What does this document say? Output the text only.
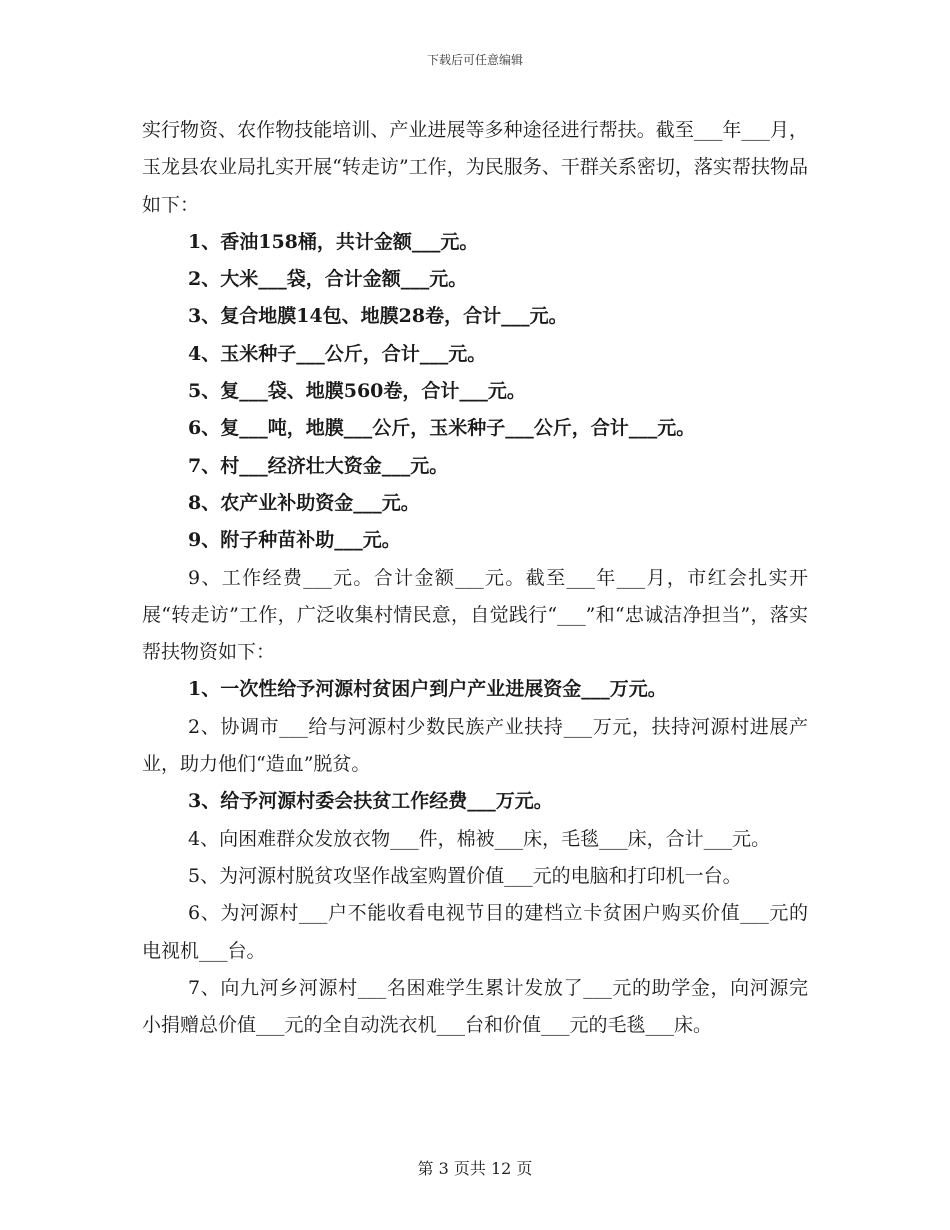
下载后可任意编辑

实行物资、农作物技能培训、产业进展等多种途径进行帮扶。截至___年___月，玉龙县农业局扎实开展“转走访”工作，为民服务、干群关系密切，落实帮扶物品如下：

1、香油158桶，共计金额___元。

2、大米___袋，合计金额___元。

3、复合地膜14包、地膜28卷，合计___元。

4、玉米种子___公斤，合计___元。

5、复___袋、地膜560卷，合计___元。

6、复___吨，地膜___公斤，玉米种子___公斤，合计___元。

7、村___经济壮大资金___元。

8、农产业补助资金___元。

9、附子种苗补助___元。

9、工作经费___元。合计金额___元。截至___年___月，市红会扎实开展“转走访”工作，广泛收集村情民意，自觉践行“___”和“忠诚洁净担当”，落实帮扶物资如下：

1、一次性给予河源村贫困户到户产业进展资金___万元。

2、协调市___给与河源村少数民族产业扶持___万元，扶持河源村进展产业，助力他们“造血”脱贫。

3、给予河源村委会扶贫工作经费___万元。

4、向困难群众发放衣物___件，棉被___床，毛毯___床，合计___元。

5、为河源村脱贫攻坚作战室购置价值___元的电脑和打印机一台。

6、为河源村___户不能收看电视节目的建档立卡贫困户购买价值___元的电视机___台。

7、向九河乡河源村___名困难学生累计发放了___元的助学金，向河源完小捐赠总价值___元的全自动洗衣机___台和价值___元的毛毯___床。

第 3 页共 12 页
